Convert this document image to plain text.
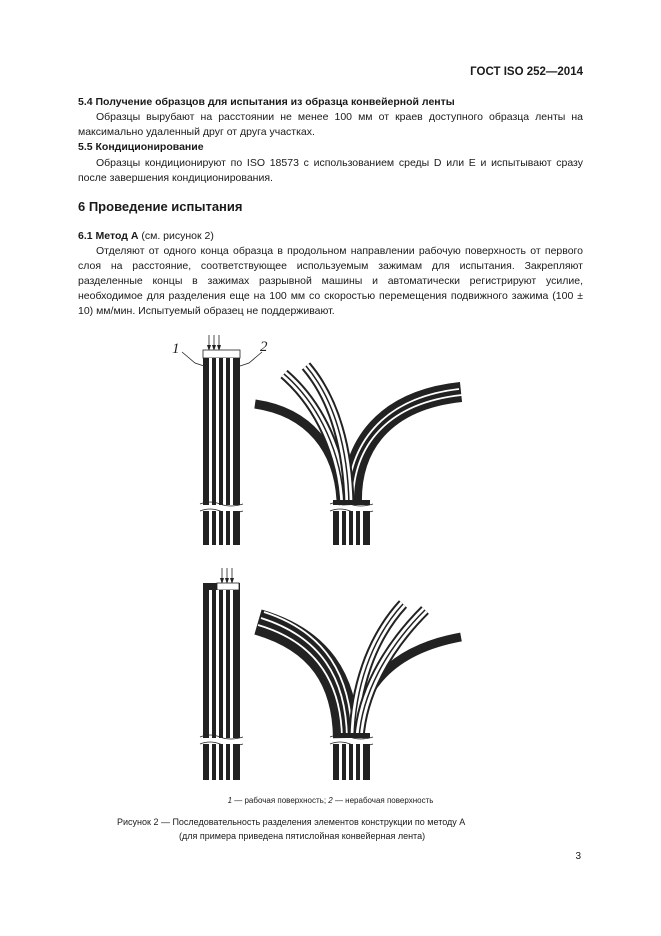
ГОСТ ISO 252—2014
5.4 Получение образцов для испытания из образца конвейерной ленты
Образцы вырубают на расстоянии не менее 100 мм от краев доступного образца ленты на максимально удаленный друг от друга участках.
5.5 Кондиционирование
Образцы кондиционируют по ISO 18573 с использованием среды D или E и испытывают сразу после завершения кондиционирования.
6 Проведение испытания
6.1 Метод А (см. рисунок 2)
Отделяют от одного конца образца в продольном направлении рабочую поверхность от первого слоя на расстояние, соответствующее используемым зажимам для испытания. Закрепляют разделенные концы в зажимах разрывной машины и автоматически регистрируют усилие, необходимое для разделения еще на 100 мм со скоростью перемещения подвижного зажима (100 ± 10) мм/мин. Испытуемый образец не поддерживают.
1	2
1 — рабочая поверхность; 2 — нерабочая поверхность
Рисунок 2 — Последовательность разделения элементов конструкции по методу А
(для примера приведена пятислойная конвейерная лента)
3
